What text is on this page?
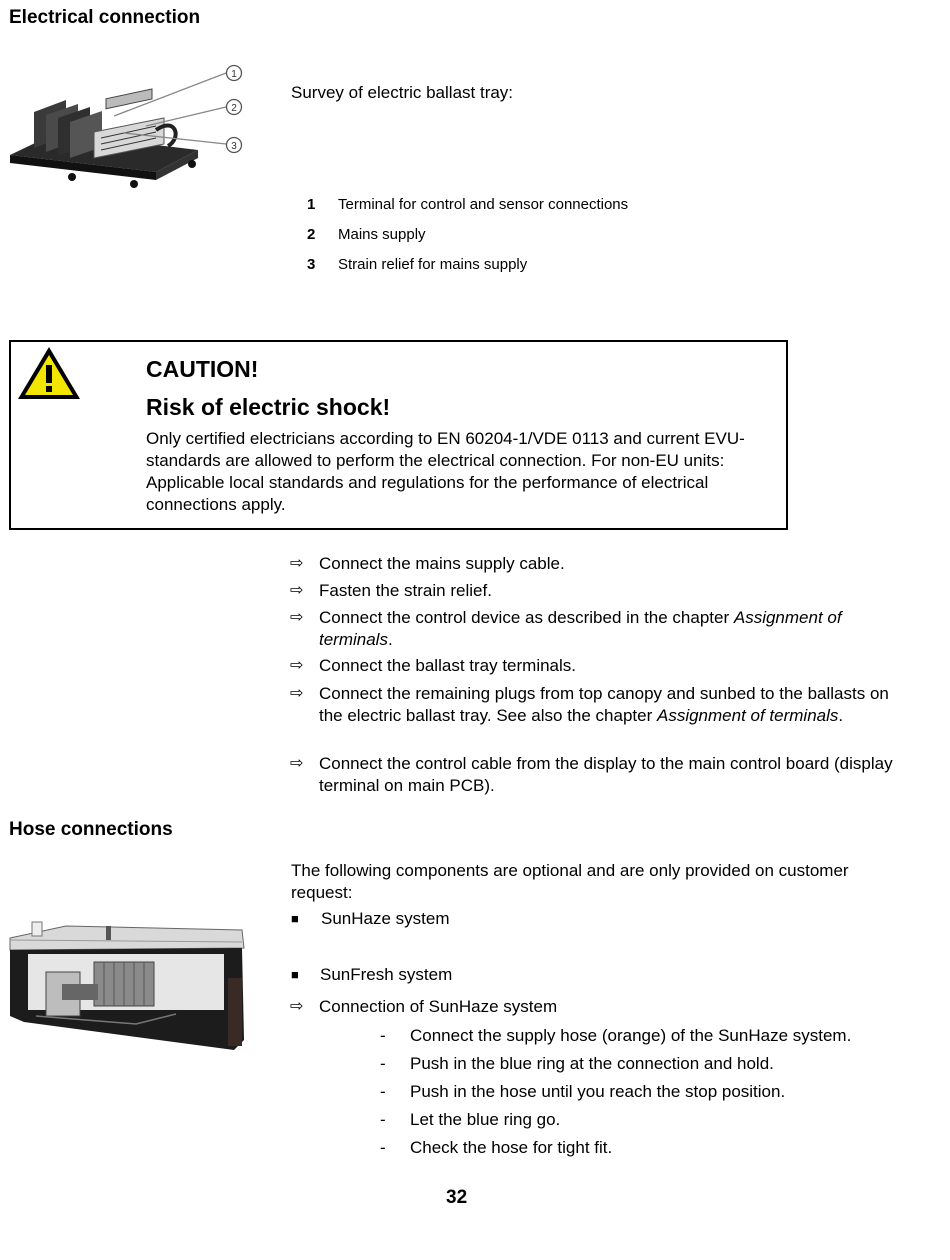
Electrical connection
1
2
3
Survey of electric ballast tray:
1 Terminal for control and sensor connections
2 Mains supply
3 Strain relief for mains supply
CAUTION!
Risk of electric shock!
Only certified electricians according to EN 60204-1/VDE 0113 and current EVU-standards are allowed to perform the electrical connection. For non-EU units: Applicable local standards and regulations for the performance of electrical connections apply.
⇨ Connect the mains supply cable.
⇨ Fasten the strain relief.
⇨ Connect the control device as described in the chapter Assignment of terminals.
⇨ Connect the ballast tray terminals.
⇨ Connect the remaining plugs from top canopy and sunbed to the ballasts on the electric ballast tray. See also the chapter Assignment of terminals.
⇨ Connect the control cable from the display to the main control board (display terminal on main PCB).
Hose connections
The following components are optional and are only provided on customer request:
■ SunHaze system
■ SunFresh system
⇨ Connection of SunHaze system
- Connect the supply hose (orange) of the SunHaze system.
- Push in the blue ring at the connection and hold.
- Push in the hose until you reach the stop position.
- Let the blue ring go.
- Check the hose for tight fit.
32
